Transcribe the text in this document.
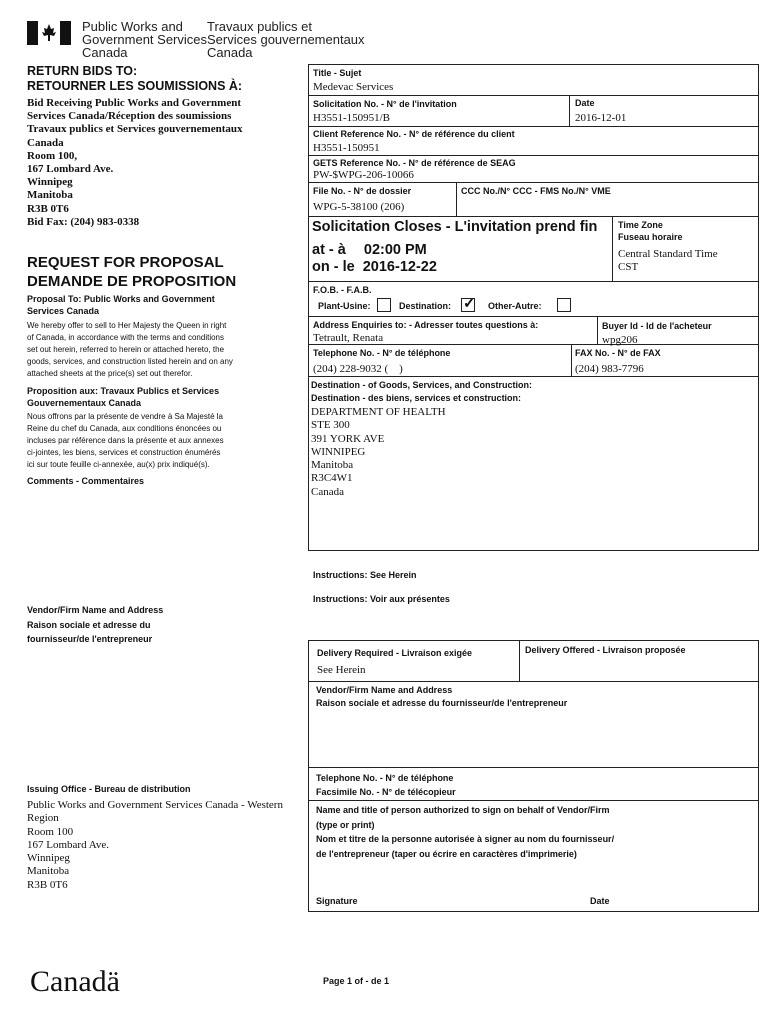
Public Works and
Government Services
Canada
Travaux publics et
Services gouvernementaux
Canada
RETURN BIDS TO:
RETOURNER LES SOUMISSIONS À:
Bid Receiving Public Works and Government
Services Canada/Réception des soumissions
Travaux publics et Services gouvernementaux
Canada
Room 100,
167 Lombard Ave.
Winnipeg
Manitoba
R3B 0T6
Bid Fax: (204) 983-0338
REQUEST FOR PROPOSAL
DEMANDE DE PROPOSITION
Proposal To: Public Works and Government
Services Canada
We hereby offer to sell to Her Majesty the Queen in right
of Canada, in accordance with the terms and conditions
set out herein, referred to herein or attached hereto, the
goods, services, and construction listed herein and on any
attached sheets at the price(s) set out therefor.
Proposition aux: Travaux Publics et Services
Gouvernementaux Canada
Nous offrons par la présente de vendre à Sa Majesté la
Reine du chef du Canada, aux conditions énoncées ou
incluses par référence dans la présente et aux annexes
ci-jointes, les biens, services et construction énumérés
ici sur toute feuille ci-annexée, au(x) prix indiqué(s).
Comments - Commentaires
Vendor/Firm Name and Address
Raison sociale et adresse du
fournisseur/de l'entrepreneur
Issuing Office - Bureau de distribution
Public Works and Government Services Canada - Western
Region
Room 100
167 Lombard Ave.
Winnipeg
Manitoba
R3B 0T6
Canadä
Title - Sujet
Medevac Services
Solicitation No. - N° de l'invitation
H3551-150951/B
Date
2016-12-01
Client Reference No. - N° de référence du client
H3551-150951
GETS Reference No. - N° de référence de SEAG
PW-$WPG-206-10066
File No. - N° de dossier
WPG-5-38100 (206)
CCC No./N° CCC - FMS No./N° VME
Solicitation Closes - L'invitation prend fin
at - à 02:00 PM
on - le 2016-12-22
Time Zone
Fuseau horaire
Central Standard Time
CST
F.O.B. - F.A.B.
Plant-Usine:	Destination: ✓ Other-Autre:
Address Enquiries to: - Adresser toutes questions à:
Tetrault, Renata
Buyer Id - Id de l'acheteur
wpg206
Telephone No. - N° de téléphone
(204) 228-9032 (    )
FAX No. - N° de FAX
(204) 983-7796
Destination - of Goods, Services, and Construction:
Destination - des biens, services et construction:
DEPARTMENT OF HEALTH
STE 300
391 YORK AVE
WINNIPEG
Manitoba
R3C4W1
Canada
Instructions: See Herein
Instructions: Voir aux présentes
Delivery Required - Livraison exigée
See Herein
Delivery Offered - Livraison proposée
Vendor/Firm Name and Address
Raison sociale et adresse du fournisseur/de l'entrepreneur
Telephone No. - N° de téléphone
Facsimile No. - N° de télécopieur
Name and title of person authorized to sign on behalf of Vendor/Firm
(type or print)
Nom et titre de la personne autorisée à signer au nom du fournisseur/
de l'entrepreneur (taper ou écrire en caractères d'imprimerie)
Signature	Date
Page 1 of - de 1
